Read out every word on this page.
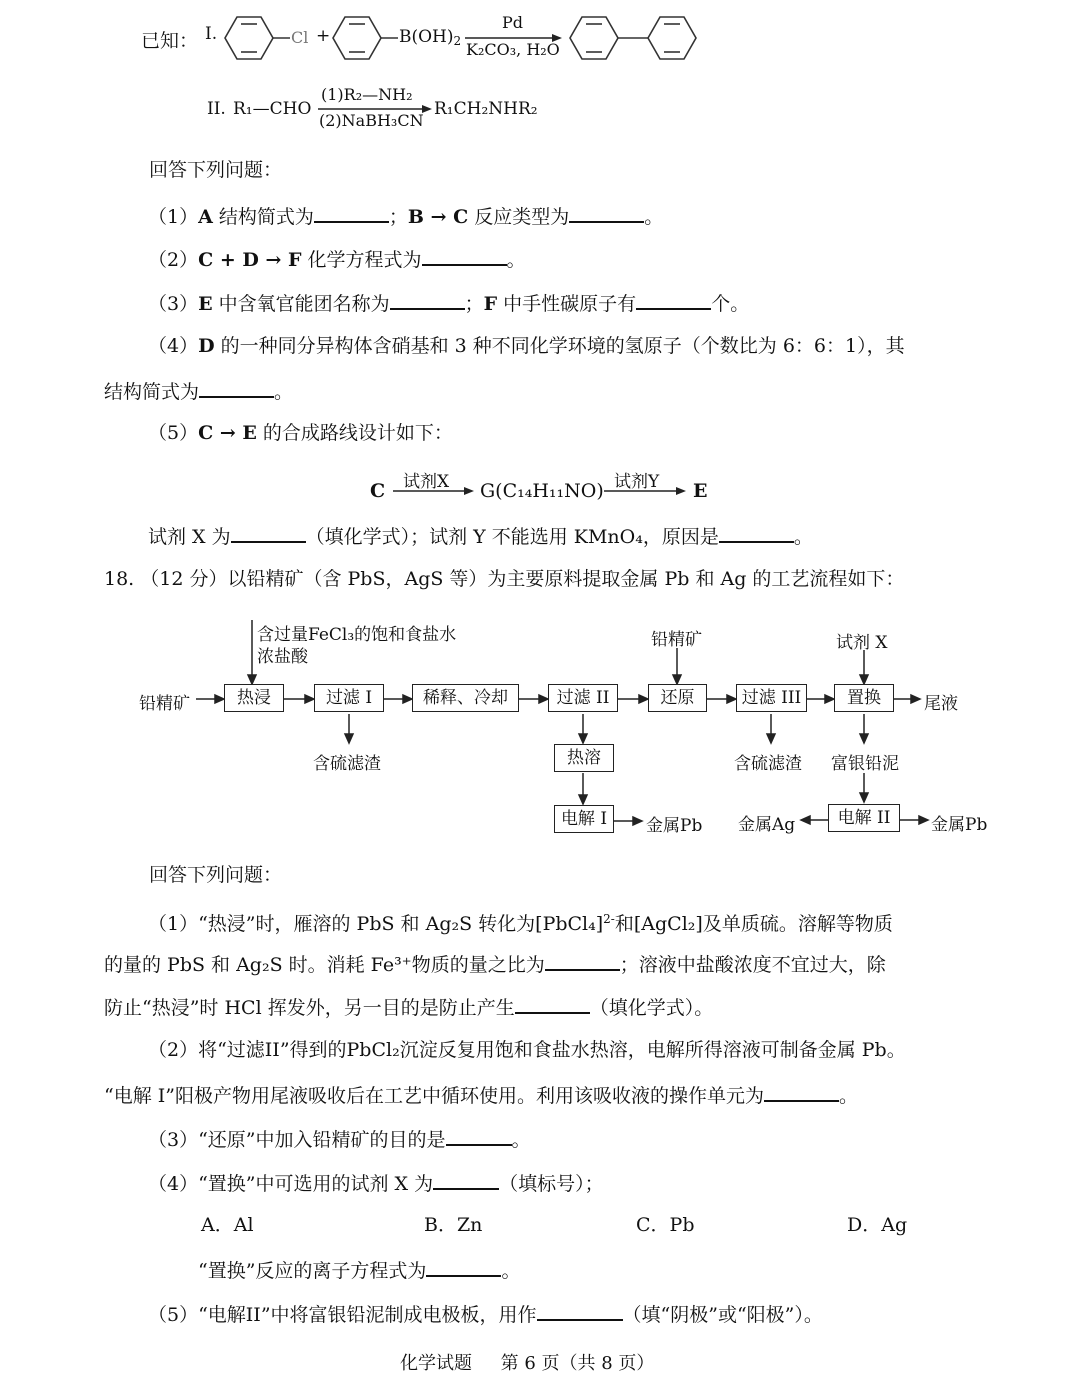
已知： I.	Cl +	$B(OH)_2$
Pd
K₂CO₃, H₂O
II. R₁—CHO
(1)R₂—NH₂
(2)NaBH₃CN
R₁CH₂NHR₂
回答下列问题：
（1）A 结构简式为	；B → C 反应类型为	。
（2）C + D → F 化学方程式为	。
（3）E 中含氧官能团名称为	；F 中手性碳原子有	个。
（4）D 的一种同分异构体含硝基和 3 种不同化学环境的氢原子（个数比为 6：6：1），其
结构简式为	。
（5）C → E 的合成路线设计如下：
C 试剂X G(C₁₄H₁₁NO) 试剂Y E
试剂 X 为	（填化学式）；试剂 Y 不能选用 KMnO₄，原因是	。
18. （12 分）以铅精矿（含 PbS，AgS 等）为主要原料提取金属 Pb 和 Ag 的工艺流程如下：
含过量FeCl₃的饱和食盐水
浓盐酸
铅精矿	热浸	过滤 I	稀释、冷却	过滤 II	还原	过滤 III	置换	尾液
铅精矿	试剂 X
含硫滤渣	热溶
电解 I	金属Pb
含硫滤渣 富银铅泥
金属Ag	电解 II	金属Pb
回答下列问题：
（1）“热浸”时，雁溶的 PbS 和 Ag₂S 转化为[PbCl₄]$^{2-}$和[AgCl₂]及单质硫。溶解等物质
的量的 PbS 和 Ag₂S 时。消耗 Fe³⁺物质的量之比为	；溶液中盐酸浓度不宜过大，除
防止“热浸”时 HCl 挥发外，另一目的是防止产生	（填化学式）。
（2）将“过滤II”得到的PbCl₂沉淀反复用饱和食盐水热溶，电解所得溶液可制备金属 Pb。
“电解 I”阳极产物用尾液吸收后在工艺中循环使用。利用该吸收液的操作单元为	。
（3）“还原”中加入铅精矿的目的是	。
（4）“置换”中可选用的试剂 X 为	（填标号）；
A．Al	B．Zn	C．Pb	D．Ag
“置换”反应的离子方程式为	。
（5）“电解II”中将富银铅泥制成电极板，用作	（填“阴极”或“阳极”）。
化学试题     第 6 页（共 8 页）
